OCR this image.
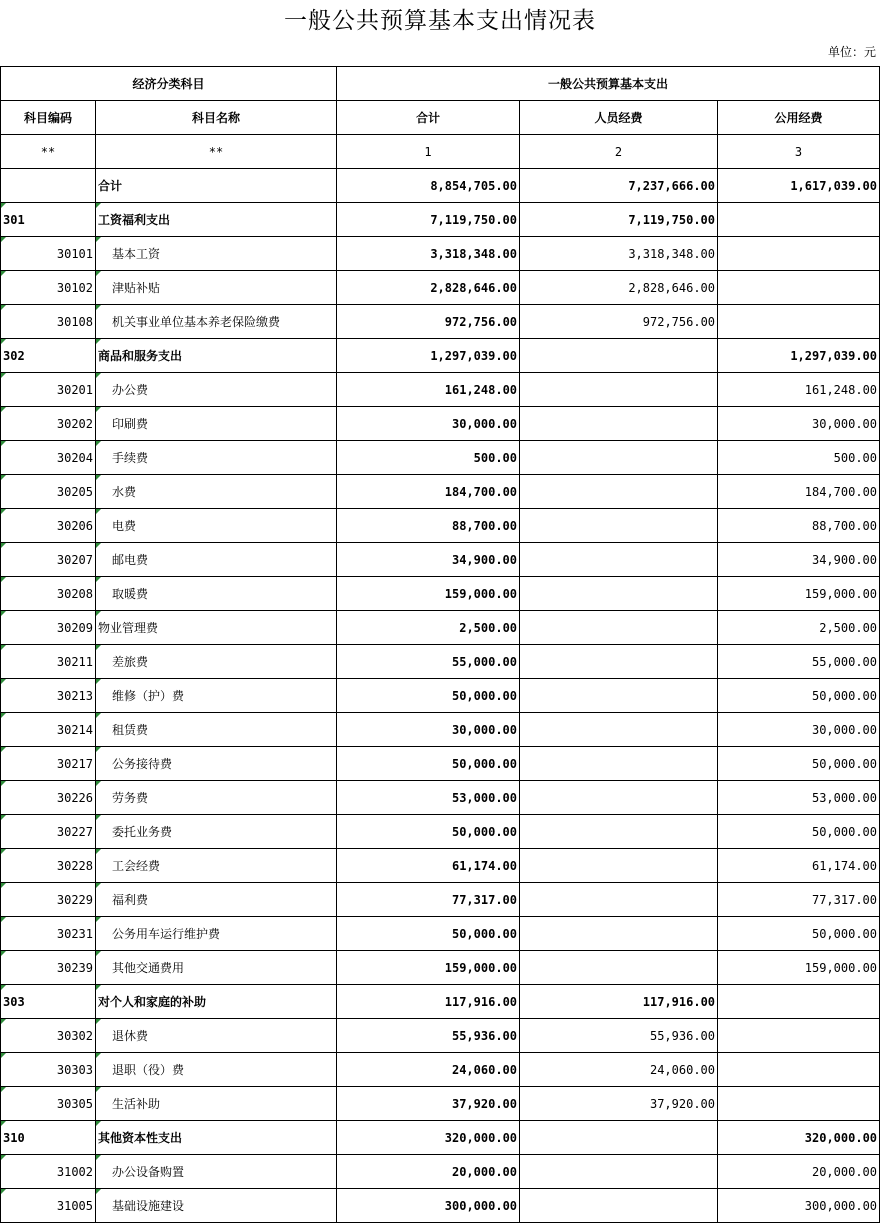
一般公共预算基本支出情况表
单位：元
经济分类科目		一般公共预算基本支出		
科目编码	科目名称	合计	人员经费	公用经费
**	**	1	2	3
	合计	8,854,705.00	7,237,666.00	1,617,039.00
301	工资福利支出	7,119,750.00	7,119,750.00	
30101	基本工资	3,318,348.00	3,318,348.00	
30102	津贴补贴	2,828,646.00	2,828,646.00	
30108	机关事业单位基本养老保险缴费	972,756.00	972,756.00	
302	商品和服务支出	1,297,039.00		1,297,039.00
30201	办公费	161,248.00		161,248.00
30202	印刷费	30,000.00		30,000.00
30204	手续费	500.00		500.00
30205	水费	184,700.00		184,700.00
30206	电费	88,700.00		88,700.00
30207	邮电费	34,900.00		34,900.00
30208	取暖费	159,000.00		159,000.00
30209	物业管理费	2,500.00		2,500.00
30211	差旅费	55,000.00		55,000.00
30213	维修（护）费	50,000.00		50,000.00
30214	租赁费	30,000.00		30,000.00
30217	公务接待费	50,000.00		50,000.00
30226	劳务费	53,000.00		53,000.00
30227	委托业务费	50,000.00		50,000.00
30228	工会经费	61,174.00		61,174.00
30229	福利费	77,317.00		77,317.00
30231	公务用车运行维护费	50,000.00		50,000.00
30239	其他交通费用	159,000.00		159,000.00
303	对个人和家庭的补助	117,916.00	117,916.00	
30302	退休费	55,936.00	55,936.00	
30303	退职（役）费	24,060.00	24,060.00	
30305	生活补助	37,920.00	37,920.00	
310	其他资本性支出	320,000.00		320,000.00
31002	办公设备购置	20,000.00		20,000.00
31005	基础设施建设	300,000.00		300,000.00
